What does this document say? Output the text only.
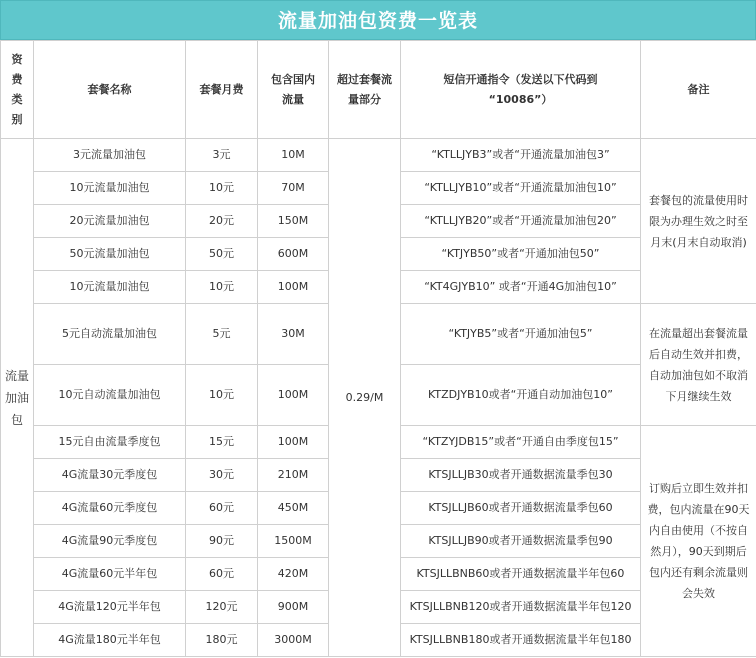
流量加油包资费一览表
资费类别	套餐名称	套餐月费	包含国内流量	超过套餐流量部分	短信开通指令（发送以下代码到
“10086”）	备注
流量加油包	3元流量加油包	3元	10M	0.29/M	“KTLLJYB3”或者“开通流量加油包3”	套餐包的流量使用时限为办理生效之时至月末(月末自动取消)
	10元流量加油包	10元	70M		“KTLLJYB10”或者“开通流量加油包10”	
	20元流量加油包	20元	150M		“KTLLJYB20”或者“开通流量加油包20”	
	50元流量加油包	50元	600M		“KTJYB50”或者“开通加油包50”	
	10元流量加油包	10元	100M		“KT4GJYB10” 或者“开通4G加油包10”	
	5元自动流量加油包	5元	30M		“KTJYB5”或者“开通加油包5”	在流量超出套餐流量后自动生效并扣费，自动加油包如不取消下月继续生效
	10元自动流量加油包	10元	100M		KTZDJYB10或者“开通自动加油包10”	
	15元自由流量季度包	15元	100M		“KTZYJDB15”或者“开通自由季度包15”	订购后立即生效并扣费，包内流量在90天内自由使用（不按自然月），90天到期后包内还有剩余流量则会失效
	4G流量30元季度包	30元	210M		KTSJLLJB30或者开通数据流量季包30	
	4G流量60元季度包	60元	450M		KTSJLLJB60或者开通数据流量季包60	
	4G流量90元季度包	90元	1500M		KTSJLLJB90或者开通数据流量季包90	
	4G流量60元半年包	60元	420M		KTSJLLBNB60或者开通数据流量半年包60	
	4G流量120元半年包	120元	900M		KTSJLLBNB120或者开通数据流量半年包120	
	4G流量180元半年包	180元	3000M		KTSJLLBNB180或者开通数据流量半年包180	
